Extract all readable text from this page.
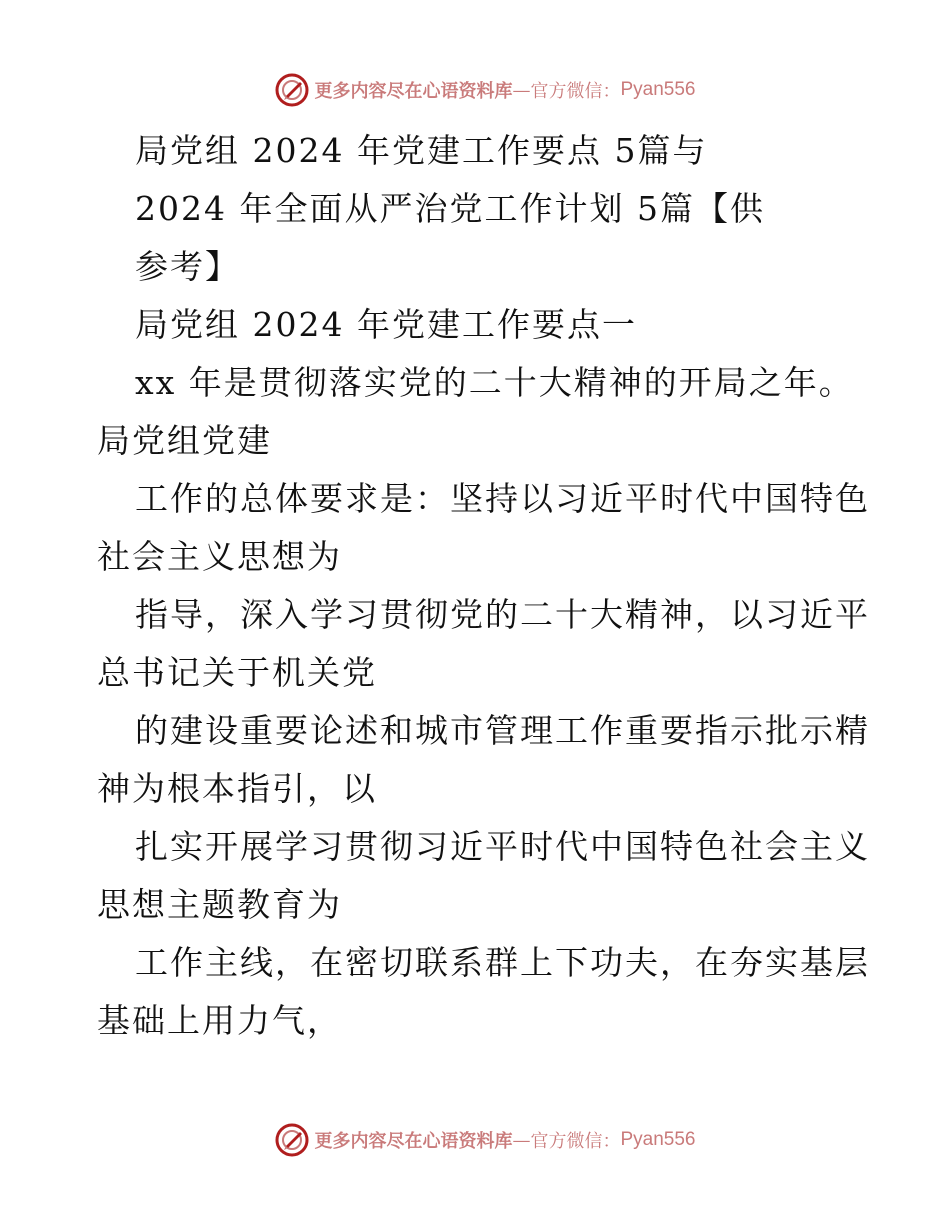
更多内容尽在心语资料库 — 官方微信： Pyan556
局党组 2024 年党建工作要点 5篇与
2024 年全面从严治党工作计划 5篇【供
参考】
局党组 2024 年党建工作要点一
xx 年是贯彻落实党的二十大精神的开局之年。
局党组党建
工作的总体要求是：坚持以习近平时代中国特色
社会主义思想为
指导，深入学习贯彻党的二十大精神，以习近平
总书记关于机关党
的建设重要论述和城市管理工作重要指示批示精
神为根本指引，以
扎实开展学习贯彻习近平时代中国特色社会主义
思想主题教育为
工作主线，在密切联系群上下功夫，在夯实基层
基础上用力气，
更多内容尽在心语资料库 — 官方微信： Pyan556
